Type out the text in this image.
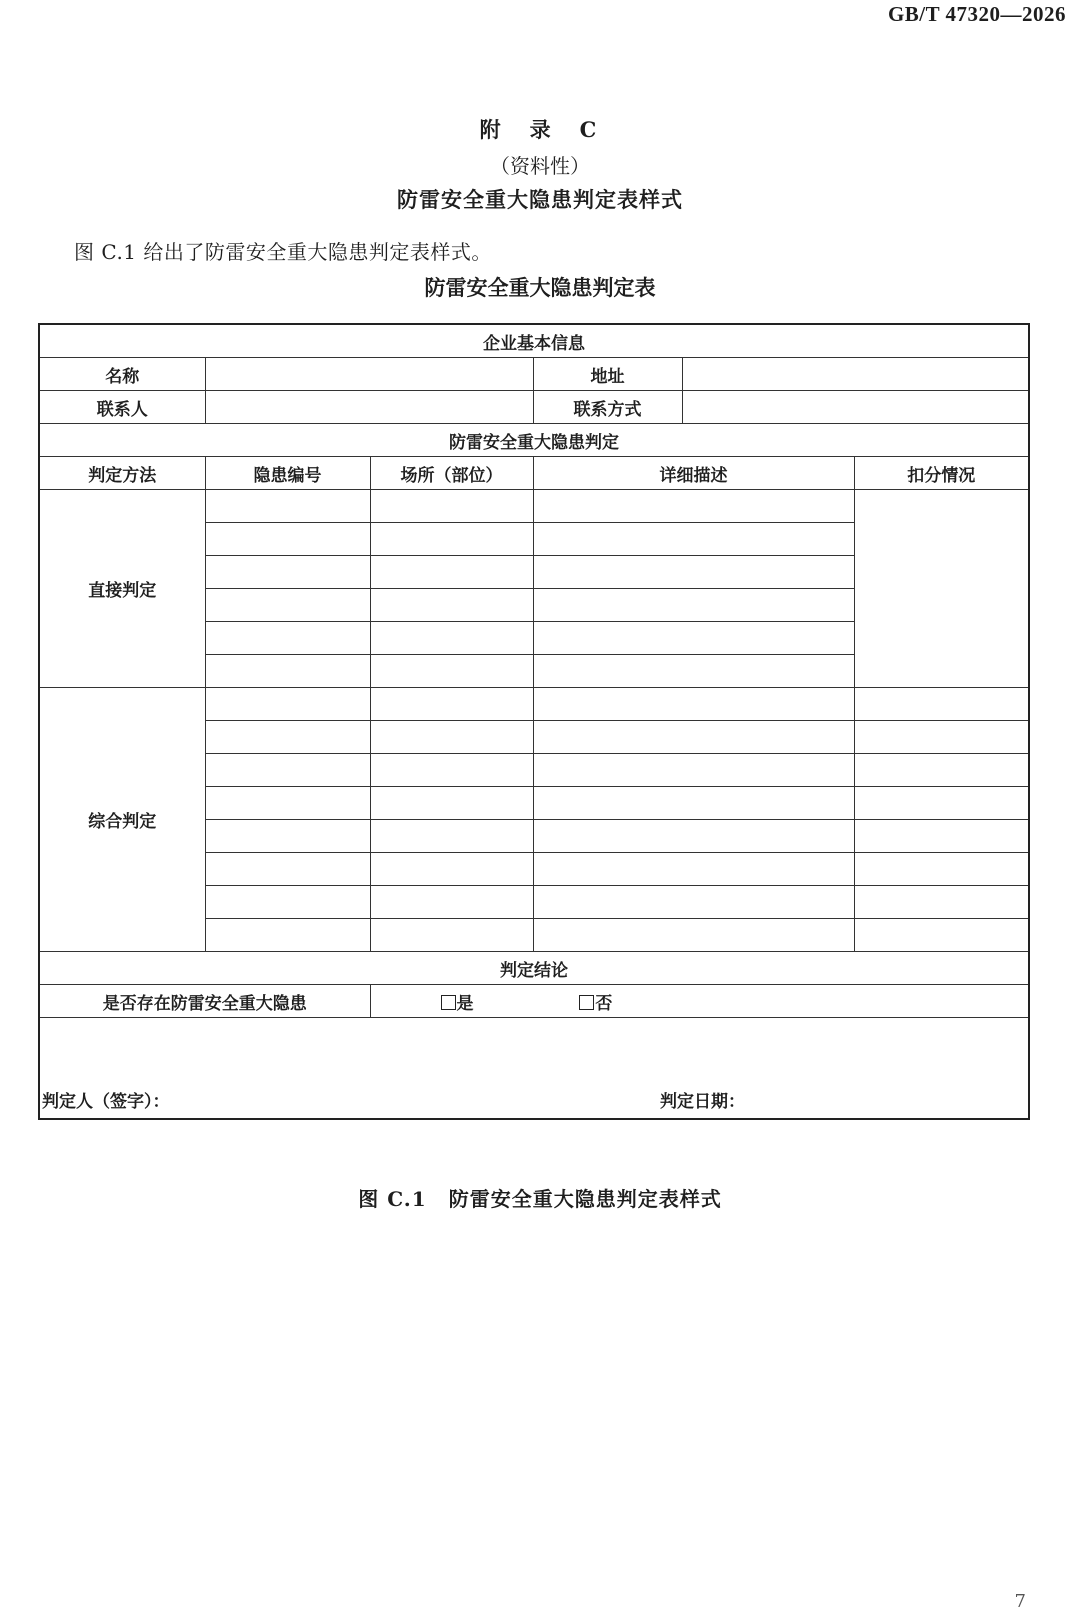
GB/T 47320—2026
附　录　C
（资料性）
防雷安全重大隐患判定表样式
图 C.1 给出了防雷安全重大隐患判定表样式。
防雷安全重大隐患判定表
企业基本信息					
名称			地址		
联系人			联系方式		
防雷安全重大隐患判定					
判定方法	隐患编号	场所（部位）	详细描述		扣分情况
直接判定					

综合判定					

判定结论					
是否存在防雷安全重大隐患		是 否			

判定人（签字）： 判定日期：					
图 C.1 防雷安全重大隐患判定表样式
7
